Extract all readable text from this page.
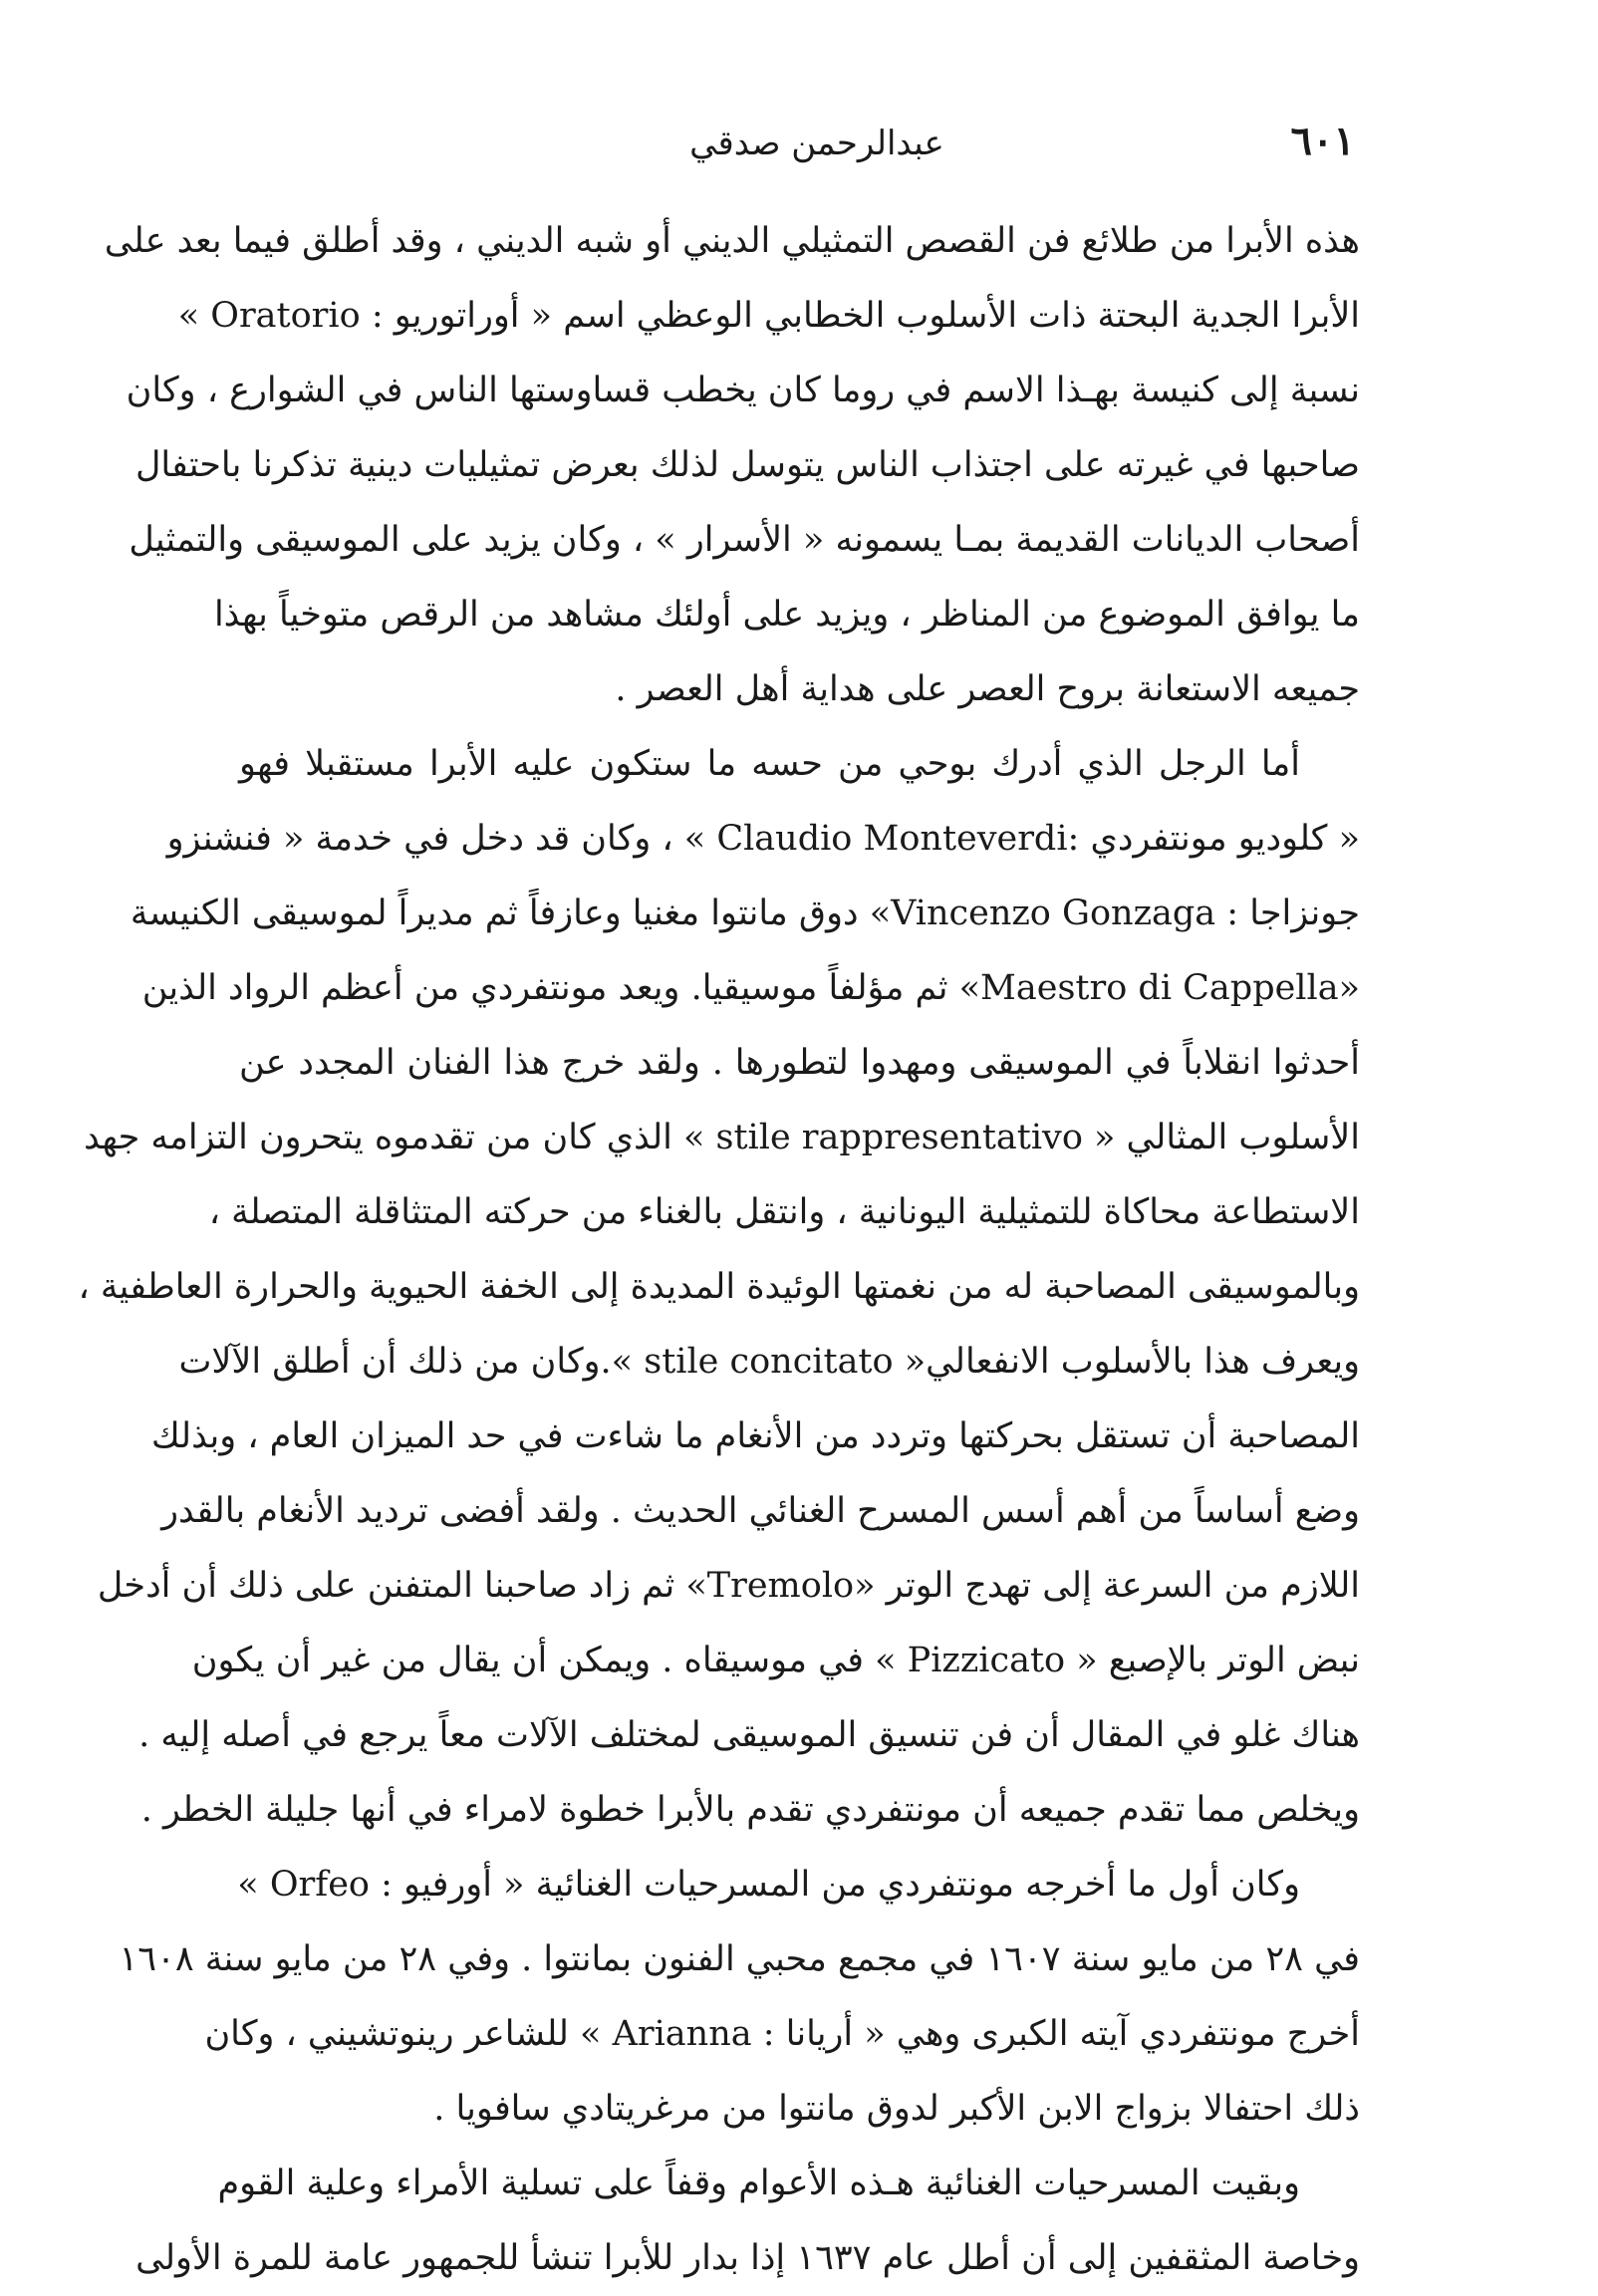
٦٠١
عبدالرحمن صدقي
هذه الأبرا من طلائع فن القصص التمثيلي الديني أو شبه الديني ، وقد أطلق فيما بعد على
الأبرا الجدية البحتة ذات الأسلوب الخطابي الوعظي اسم « أوراتوريو : Oratorio »
نسبة إلى كنيسة بهـذا الاسم في روما كان يخطب قساوستها الناس في الشوارع ، وكان
صاحبها في غيرته على اجتذاب الناس يتوسل لذلك بعرض تمثيليات دينية تذكرنا باحتفال
أصحاب الديانات القديمة بمـا يسمونه « الأسرار » ، وكان يزيد على الموسيقى والتمثيل
ما يوافق الموضوع من المناظر ، ويزيد على أولئك مشاهد من الرقص متوخياً بهذا
جميعه الاستعانة بروح العصر على هداية أهل العصر .
أما الرجل الذي أدرك بوحي من حسه ما ستكون عليه الأبرا مستقبلا فهو
« كلوديو مونتفردي :Claudio Monteverdi » ، وكان قد دخل في خدمة « فنشنزو
جونزاجا : Vincenzo Gonzaga» دوق مانتوا مغنيا وعازفاً ثم مديراً لموسيقى الكنيسة
«Maestro di Cappella» ثم مؤلفاً موسيقيا. ويعد مونتفردي من أعظم الرواد الذين
أحدثوا انقلاباً في الموسيقى ومهدوا لتطورها . ولقد خرج هذا الفنان المجدد عن
الأسلوب المثالي « stile rappresentativo » الذي كان من تقدموه يتحرون التزامه جهد
الاستطاعة محاكاة للتمثيلية اليونانية ، وانتقل بالغناء من حركته المتثاقلة المتصلة ،
وبالموسيقى المصاحبة له من نغمتها الوئيدة المديدة إلى الخفة الحيوية والحرارة العاطفية ،
ويعرف هذا بالأسلوب الانفعالي« stile concitato ».وكان من ذلك أن أطلق الآلات
المصاحبة أن تستقل بحركتها وتردد من الأنغام ما شاءت في حد الميزان العام ، وبذلك
وضع أساساً من أهم أسس المسرح الغنائي الحديث . ولقد أفضى ترديد الأنغام بالقدر
اللازم من السرعة إلى تهدج الوتر «Tremolo» ثم زاد صاحبنا المتفنن على ذلك أن أدخل
نبض الوتر بالإصبع « Pizzicato » في موسيقاه . ويمكن أن يقال من غير أن يكون
هناك غلو في المقال أن فن تنسيق الموسيقى لمختلف الآلات معاً يرجع في أصله إليه .
ويخلص مما تقدم جميعه أن مونتفردي تقدم بالأبرا خطوة لامراء في أنها جليلة الخطر .
وكان أول ما أخرجه مونتفردي من المسرحيات الغنائية « أورفيو : Orfeo »
في ٢٨ من مايو سنة ١٦٠٧ في مجمع محبي الفنون بمانتوا . وفي ٢٨ من مايو سنة ١٦٠٨
أخرج مونتفردي آيته الكبرى وهي « أريانا : Arianna » للشاعر رينوتشيني ، وكان
ذلك احتفالا بزواج الابن الأكبر لدوق مانتوا من مرغريتادي سافويا .
وبقيت المسرحيات الغنائية هـذه الأعوام وقفاً على تسلية الأمراء وعلية القوم
وخاصة المثقفين إلى أن أطل عام ١٦٣٧ إذا بدار للأبرا تنشأ للجمهور عامة للمرة الأولى
